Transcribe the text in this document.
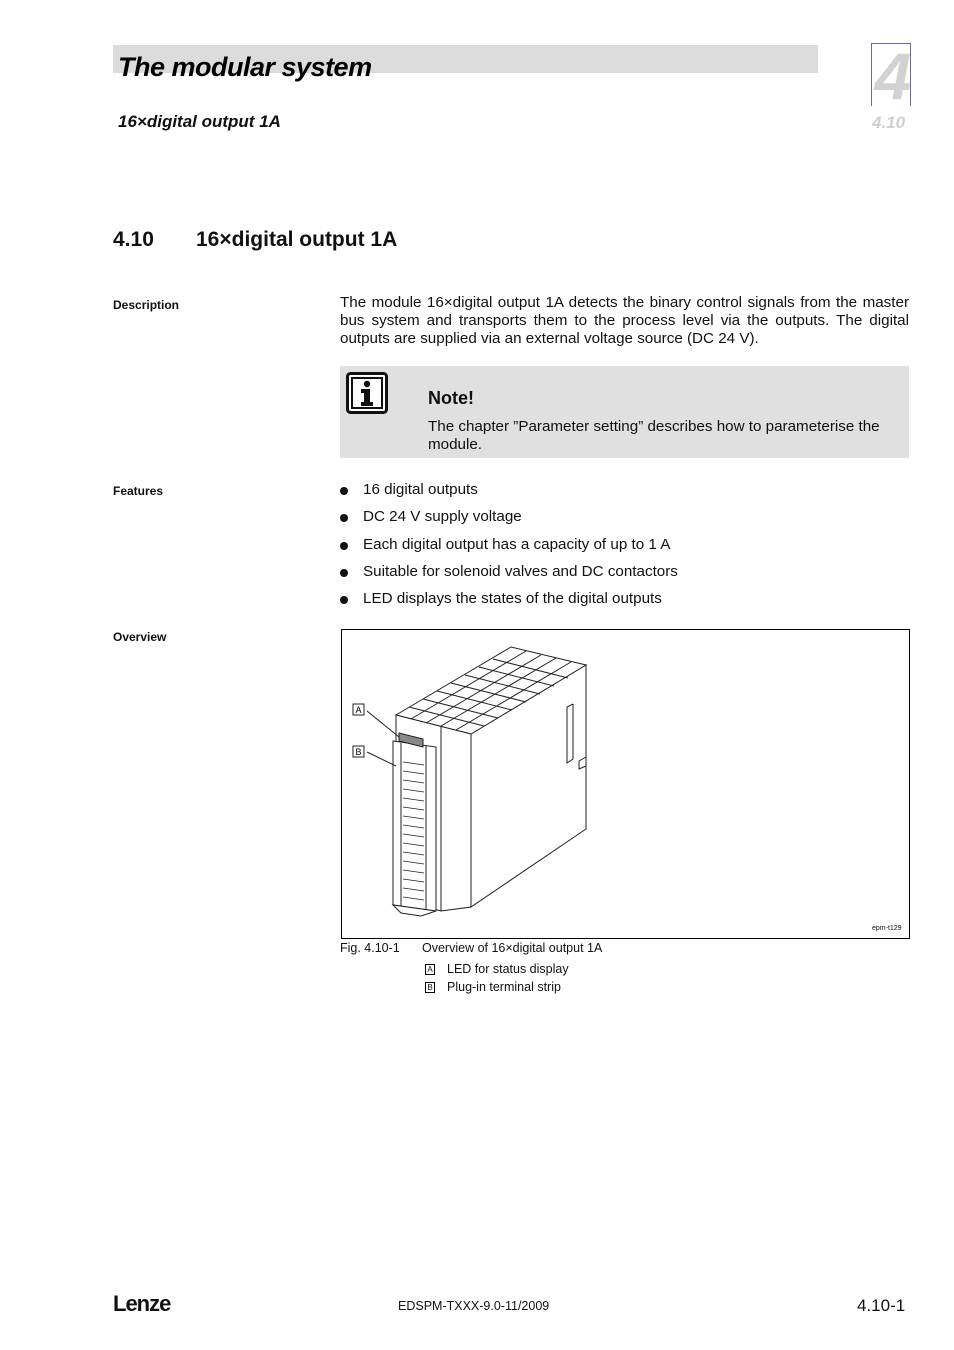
The modular system
16×digital output 1A
4
4.10
4.10 16×digital output 1A
Description	The module 16×digital output 1A detects the binary control signals from the master bus system and transports them to the process level via the outputs. The digital outputs are supplied via an external voltage source (DC 24 V).
Note!
The chapter ”Parameter setting” describes how to parameterise the module.
Features	16 digital outputs
DC 24 V supply voltage
Each digital output has a capacity of up to 1 A
Suitable for solenoid valves and DC contactors
LED displays the states of the digital outputs
Overview
A
B
epm-t129
Fig. 4.10-1 Overview of 16×digital output 1A
A LED for status display
B Plug-in terminal strip
Lenze	EDSPM-TXXX-9.0-11/2009	4.10-1
